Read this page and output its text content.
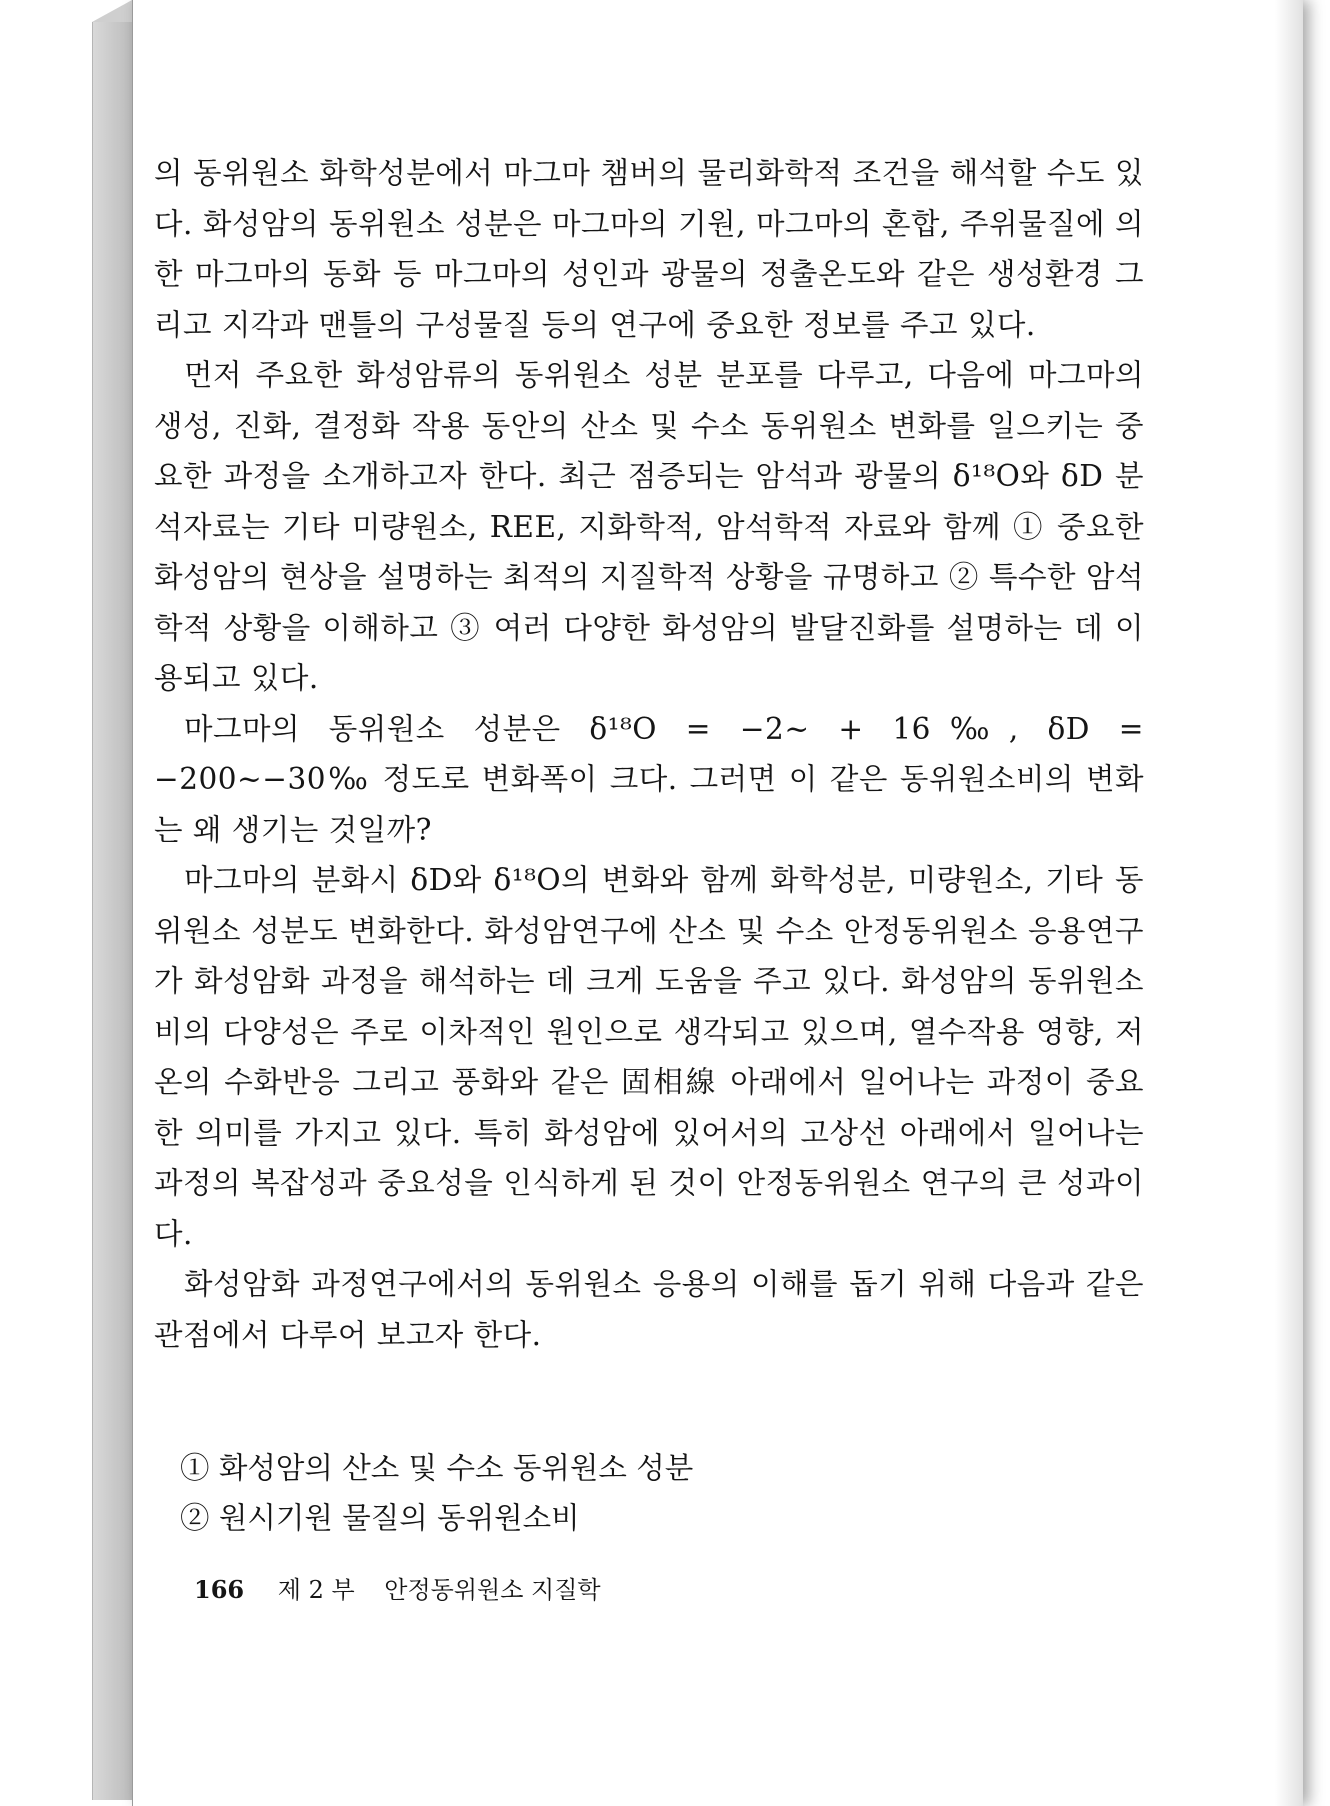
의 동위원소 화학성분에서 마그마 챔버의 물리화학적 조건을 해석할 수도 있다. 화성암의 동위원소 성분은 마그마의 기원, 마그마의 혼합, 주위물질에 의한 마그마의 동화 등 마그마의 성인과 광물의 정출온도와 같은 생성환경 그리고 지각과 맨틀의 구성물질 등의 연구에 중요한 정보를 주고 있다.

먼저 주요한 화성암류의 동위원소 성분 분포를 다루고, 다음에 마그마의 생성, 진화, 결정화 작용 동안의 산소 및 수소 동위원소 변화를 일으키는 중요한 과정을 소개하고자 한다. 최근 점증되는 암석과 광물의 δ¹⁸O와 δD 분석자료는 기타 미량원소, REE, 지화학적, 암석학적 자료와 함께 ① 중요한 화성암의 현상을 설명하는 최적의 지질학적 상황을 규명하고 ② 특수한 암석학적 상황을 이해하고 ③ 여러 다양한 화성암의 발달진화를 설명하는 데 이용되고 있다.

마그마의 동위원소 성분은 δ¹⁸O = −2∼ + 16‰, δD = −200∼−30‰ 정도로 변화폭이 크다. 그러면 이 같은 동위원소비의 변화는 왜 생기는 것일까?

마그마의 분화시 δD와 δ¹⁸O의 변화와 함께 화학성분, 미량원소, 기타 동위원소 성분도 변화한다. 화성암연구에 산소 및 수소 안정동위원소 응용연구가 화성암화 과정을 해석하는 데 크게 도움을 주고 있다. 화성암의 동위원소비의 다양성은 주로 이차적인 원인으로 생각되고 있으며, 열수작용 영향, 저온의 수화반응 그리고 풍화와 같은 固相線 아래에서 일어나는 과정이 중요한 의미를 가지고 있다. 특히 화성암에 있어서의 고상선 아래에서 일어나는 과정의 복잡성과 중요성을 인식하게 된 것이 안정동위원소 연구의 큰 성과이다.

화성암화 과정연구에서의 동위원소 응용의 이해를 돕기 위해 다음과 같은 관점에서 다루어 보고자 한다.

① 화성암의 산소 및 수소 동위원소 성분
② 원시기원 물질의 동위원소비
166 제 2 부 안정동위원소 지질학
